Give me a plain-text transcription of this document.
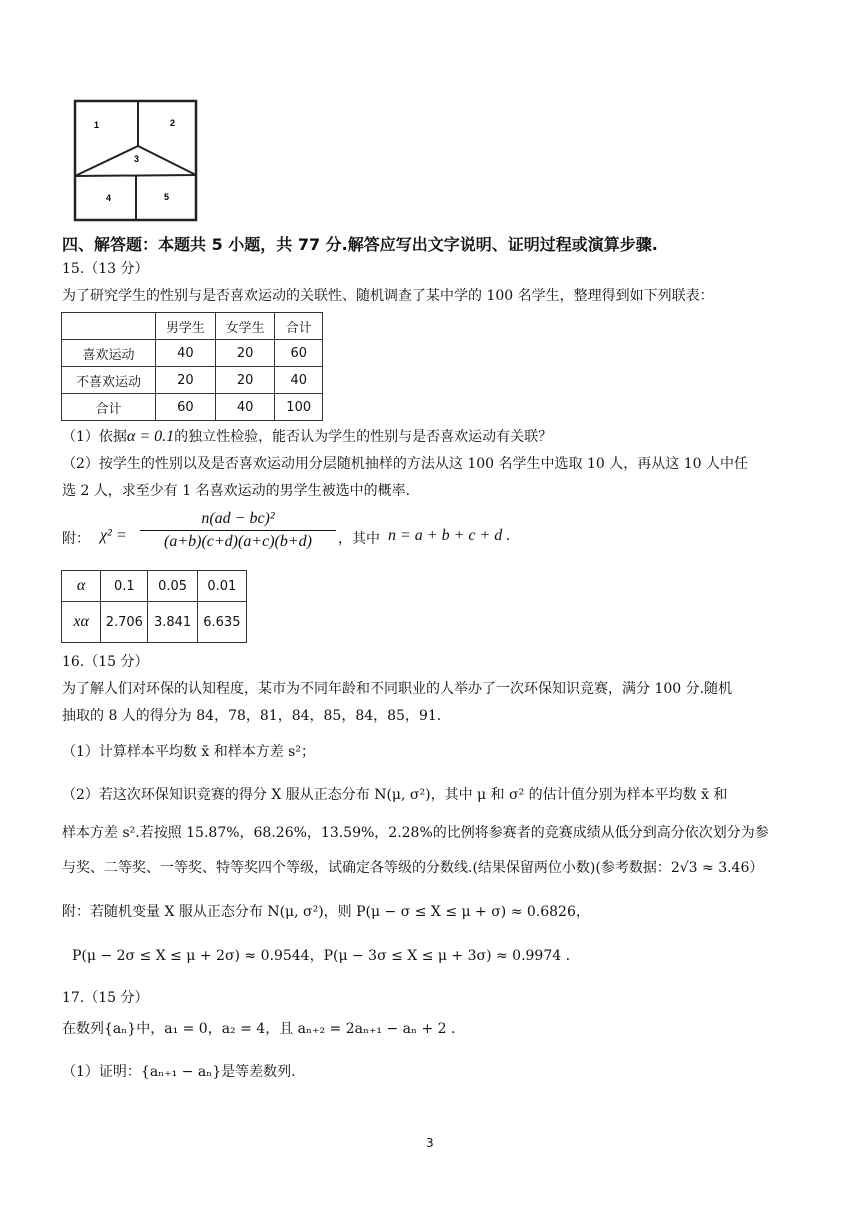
1	2
3
4	5
四、解答题：本题共 5 小题，共 77 分.解答应写出文字说明、证明过程或演算步骤.
15.（13 分）
为了研究学生的性别与是否喜欢运动的关联性、随机调查了某中学的 100 名学生，整理得到如下列联表：
	男学生	女学生	合计
喜欢运动	40	20	60
不喜欢运动	20	20	40
合计	60	40	100
（1）依据α = 0.1的独立性检验，能否认为学生的性别与是否喜欢运动有关联？
（2）按学生的性别以及是否喜欢运动用分层随机抽样的方法从这 100 名学生中选取 10 人，再从这 10 人中任
选 2 人，求至少有 1 名喜欢运动的男学生被选中的概率.
附： $\chi^2 = \frac{\text{n(ad − bc)²}}{(a+b)(c+d)(a+c)(b+d)}$ ，其中 n = a + b + c + d .
α	0.1	0.05	0.01
xα	2.706	3.841	6.635
16.（15 分）
为了解人们对环保的认知程度，某市为不同年龄和不同职业的人举办了一次环保知识竞赛，满分 100 分.随机
抽取的 8 人的得分为 84，78，81，84，85，84，85，91.
（1）计算样本平均数 x̄ 和样本方差 s²；
（2）若这次环保知识竞赛的得分 X 服从正态分布 N(μ, σ²)，其中 μ 和 σ² 的估计值分别为样本平均数 x̄ 和
样本方差 s².若按照 15.87%，68.26%，13.59%，2.28%的比例将参赛者的竞赛成绩从低分到高分依次划分为参
与奖、二等奖、一等奖、特等奖四个等级，试确定各等级的分数线.(结果保留两位小数)(参考数据：2√3 ≈ 3.46）
附：若随机变量 X 服从正态分布 N(μ, σ²)，则 P(μ − σ ≤ X ≤ μ + σ) ≈ 0.6826，
P(μ − 2σ ≤ X ≤ μ + 2σ) ≈ 0.9544，P(μ − 3σ ≤ X ≤ μ + 3σ) ≈ 0.9974 .
17.（15 分）
在数列{aₙ}中，a₁ = 0，a₂ = 4，且 aₙ₊₂ = 2aₙ₊₁ − aₙ + 2 .
（1）证明：{aₙ₊₁ − aₙ}是等差数列.
3
